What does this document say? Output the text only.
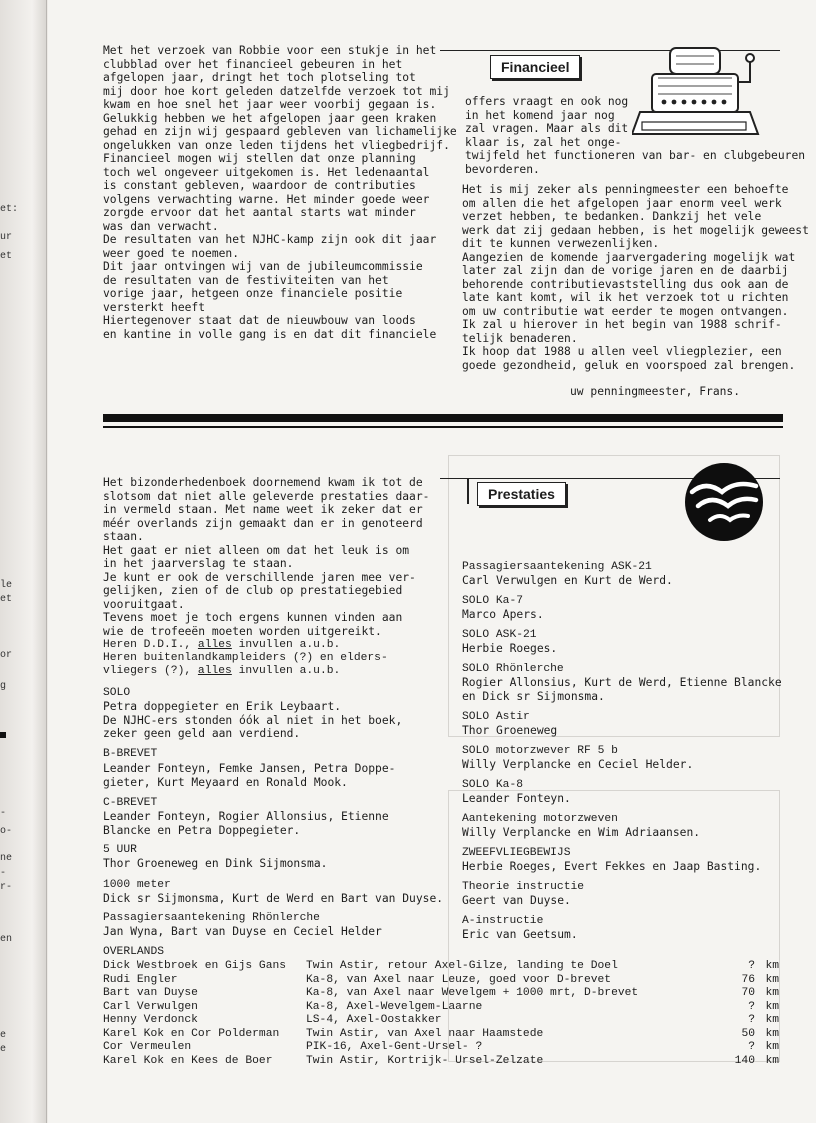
et:
ur
et
le
et
or
g
-
o-
ne
-
r-
en
e
e
Financieel
Met het verzoek van Robbie voor een stukje in het
clubblad over het financieel gebeuren in het
afgelopen jaar, dringt het toch plotseling tot
mij door hoe kort geleden datzelfde verzoek tot mij
kwam en hoe snel het jaar weer voorbij gegaan is.
Gelukkig hebben we het afgelopen jaar geen kraken
gehad en zijn wij gespaard gebleven van lichamelijke
ongelukken van onze leden tijdens het vliegbedrijf.
Financieel mogen wij stellen dat onze planning
toch wel ongeveer uitgekomen is. Het ledenaantal
is constant gebleven, waardoor de contributies
volgens verwachting warne. Het minder goede weer
zorgde ervoor dat het aantal starts wat minder
was dan verwacht.
De resultaten van het NJHC-kamp zijn ook dit jaar
weer goed te noemen.
Dit jaar ontvingen wij van de jubileumcommissie
de resultaten van de festiviteiten van het
vorige jaar, hetgeen onze financiele positie
versterkt heeft
Hiertegenover staat dat de nieuwbouw van loods
en kantine in volle gang is en dat dit financiele
offers vraagt en ook nog
in het komend jaar nog
zal vragen. Maar als dit
klaar is, zal het onge-
twijfeld het functioneren van bar- en clubgebeuren
bevorderen.
Het is mij zeker als penningmeester een behoefte
om allen die het afgelopen jaar enorm veel werk
verzet hebben, te bedanken. Dankzij het vele
werk dat zij gedaan hebben, is het mogelijk geweest
dit te kunnen verwezenlijken.
Aangezien de komende jaarvergadering mogelijk wat
later zal zijn dan de vorige jaren en de daarbij
behorende contributievaststelling dus ook aan de
late kant komt, wil ik het verzoek tot u richten
om uw contributie wat eerder te mogen ontvangen.
Ik zal u hierover in het begin van 1988 schrif-
telijk benaderen.
Ik hoop dat 1988 u allen veel vliegplezier, een
goede gezondheid, geluk en voorspoed zal brengen.
uw penningmeester, Frans.
Prestaties
Het bizonderhedenboek doornemend kwam ik tot de
slotsom dat niet alle geleverde prestaties daar-
in vermeld staan. Met name weet ik zeker dat er
méér overlands zijn gemaakt dan er in genoteerd
staan.
Het gaat er niet alleen om dat het leuk is om
in het jaarverslag te staan.
Je kunt er ook de verschillende jaren mee ver-
gelijken, zien of de club op prestatiegebied
vooruitgaat.
Tevens moet je toch ergens kunnen vinden aan
wie de trofeeën moeten worden uitgereikt.
Heren D.D.I., alles invullen a.u.b.
Heren buitenlandkampleiders (?) en elders-
vliegers (?), alles invullen a.u.b.
SOLO
Petra doppegieter en Erik Leybaart.
De NJHC-ers stonden óók al niet in het boek,
zeker geen geld aan verdiend.
B-BREVET
Leander Fonteyn, Femke Jansen, Petra Doppe-
gieter, Kurt Meyaard en Ronald Mook.
C-BREVET
Leander Fonteyn, Rogier Allonsius, Etienne
Blancke en Petra Doppegieter.
5 UUR
Thor Groeneweg en Dink Sijmonsma.
1000 meter
Dick sr Sijmonsma, Kurt de Werd en Bart van Duyse.
Passagiersaantekening Rhönlerche
Jan Wyna, Bart van Duyse en Ceciel Helder
Passagiersaantekening ASK-21
Carl Verwulgen en Kurt de Werd.
SOLO Ka-7
Marco Apers.
SOLO ASK-21
Herbie Roeges.
SOLO Rhönlerche
Rogier Allonsius, Kurt de Werd, Etienne Blancke
en Dick sr Sijmonsma.
SOLO Astir
Thor Groeneweg
SOLO motorzwever RF 5 b
Willy Verplancke en Ceciel Helder.
SOLO Ka-8
Leander Fonteyn.
Aantekening motorzweven
Willy Verplancke en Wim Adriaansen.
ZWEEFVLIEGBEWIJS
Herbie Roeges, Evert Fekkes en Jaap Basting.
Theorie instructie
Geert van Duyse.
A-instructie
Eric van Geetsum.
OVERLANDS
Dick Westbroek en Gijs Gans	Twin Astir, retour Axel-Gilze, landing te Doel	?	km
Rudi Engler	Ka-8, van Axel naar Leuze, goed voor D-brevet	76	km
Bart van Duyse	Ka-8, van Axel naar Wevelgem + 1000 mrt, D-brevet	70	km
Carl Verwulgen	Ka-8, Axel-Wevelgem-Laarne	?	km
Henny Verdonck	LS-4, Axel-Oostakker	?	km
Karel Kok en Cor Polderman	Twin Astir, van Axel naar Haamstede	50	km
Cor Vermeulen	PIK-16, Axel-Gent-Ursel- ?	?	km
Karel Kok en Kees de Boer	Twin Astir, Kortrijk- Ursel-Zelzate	140	km
